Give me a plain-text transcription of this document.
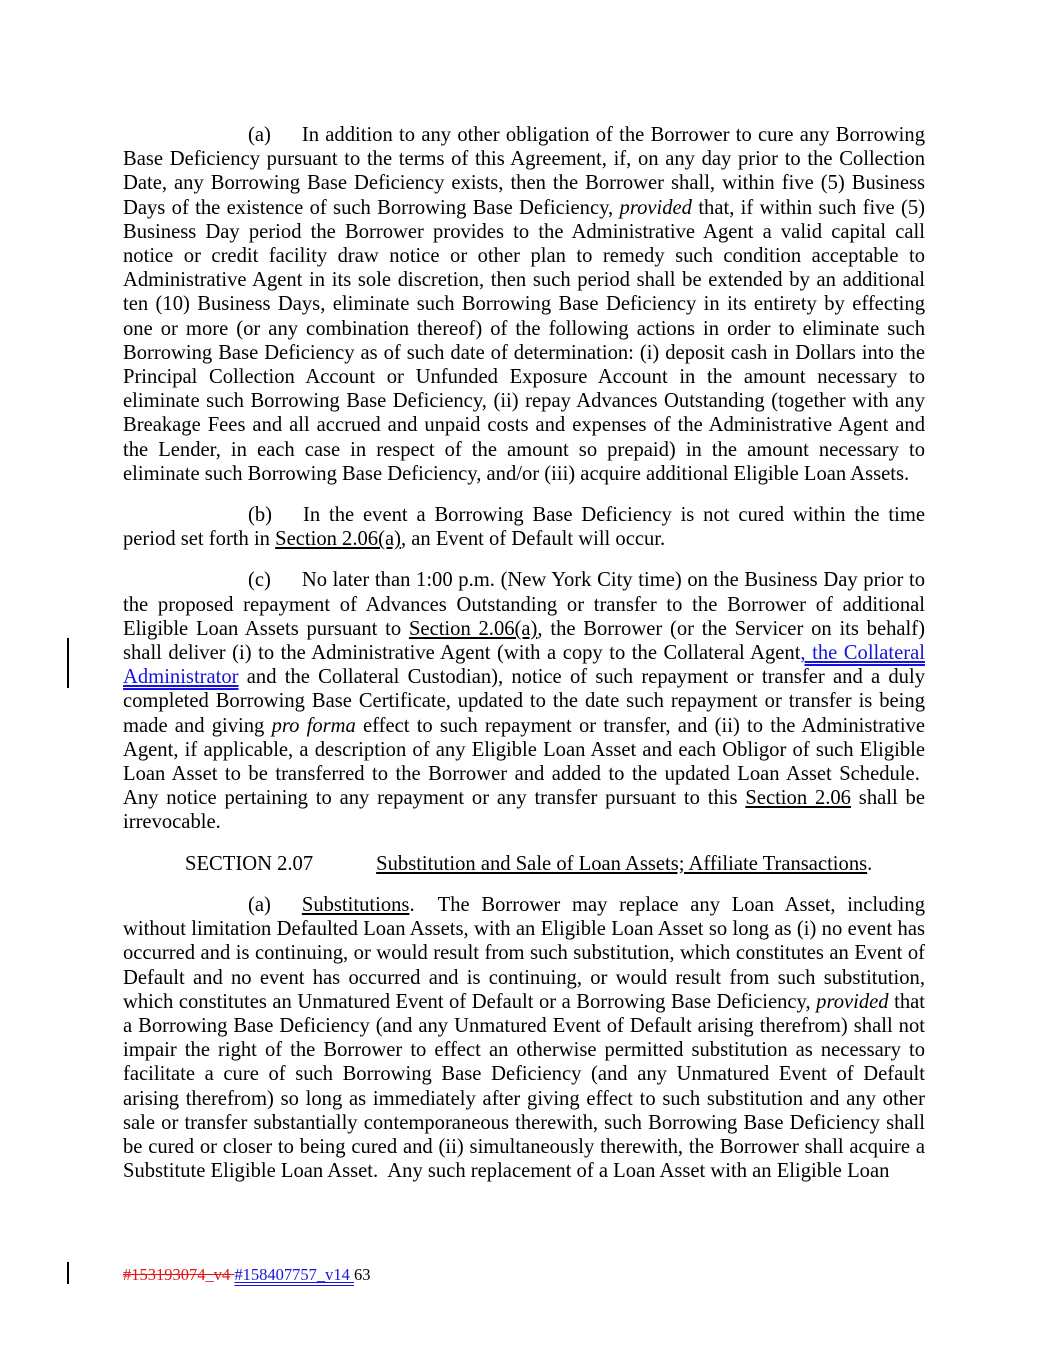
(a) In addition to any other obligation of the Borrower to cure any Borrowing Base Deficiency pursuant to the terms of this Agreement, if, on any day prior to the Collection Date, any Borrowing Base Deficiency exists, then the Borrower shall, within five (5) Business Days of the existence of such Borrowing Base Deficiency, provided that, if within such five (5) Business Day period the Borrower provides to the Administrative Agent a valid capital call notice or credit facility draw notice or other plan to remedy such condition acceptable to Administrative Agent in its sole discretion, then such period shall be extended by an additional ten (10) Business Days, eliminate such Borrowing Base Deficiency in its entirety by effecting one or more (or any combination thereof) of the following actions in order to eliminate such Borrowing Base Deficiency as of such date of determination: (i) deposit cash in Dollars into the Principal Collection Account or Unfunded Exposure Account in the amount necessary to eliminate such Borrowing Base Deficiency, (ii) repay Advances Outstanding (together with any Breakage Fees and all accrued and unpaid costs and expenses of the Administrative Agent and the Lender, in each case in respect of the amount so prepaid) in the amount necessary to eliminate such Borrowing Base Deficiency, and/or (iii) acquire additional Eligible Loan Assets.

(b) In the event a Borrowing Base Deficiency is not cured within the time period set forth in Section 2.06(a), an Event of Default will occur.

(c) No later than 1:00 p.m. (New York City time) on the Business Day prior to the proposed repayment of Advances Outstanding or transfer to the Borrower of additional Eligible Loan Assets pursuant to Section 2.06(a), the Borrower (or the Servicer on its behalf) shall deliver (i) to the Administrative Agent (with a copy to the Collateral Agent, the Collateral Administrator and the Collateral Custodian), notice of such repayment or transfer and a duly completed Borrowing Base Certificate, updated to the date such repayment or transfer is being made and giving pro forma effect to such repayment or transfer, and (ii) to the Administrative Agent, if applicable, a description of any Eligible Loan Asset and each Obligor of such Eligible Loan Asset to be transferred to the Borrower and added to the updated Loan Asset Schedule.  Any notice pertaining to any repayment or any transfer pursuant to this Section 2.06 shall be irrevocable.

SECTION 2.07	Substitution and Sale of Loan Assets; Affiliate Transactions.

(a) Substitutions.  The Borrower may replace any Loan Asset, including without limitation Defaulted Loan Assets, with an Eligible Loan Asset so long as (i) no event has occurred and is continuing, or would result from such substitution, which constitutes an Event of Default and no event has occurred and is continuing, or would result from such substitution, which constitutes an Unmatured Event of Default or a Borrowing Base Deficiency, provided that a Borrowing Base Deficiency (and any Unmatured Event of Default arising therefrom) shall not impair the right of the Borrower to effect an otherwise permitted substitution as necessary to facilitate a cure of such Borrowing Base Deficiency (and any Unmatured Event of Default arising therefrom) so long as immediately after giving effect to such substitution and any other sale or transfer substantially contemporaneous therewith, such Borrowing Base Deficiency shall be cured or closer to being cured and (ii) simultaneously therewith, the Borrower shall acquire a Substitute Eligible Loan Asset.  Any such replacement of a Loan Asset with an Eligible Loan

#153193074_v4 #158407757_v14 63
